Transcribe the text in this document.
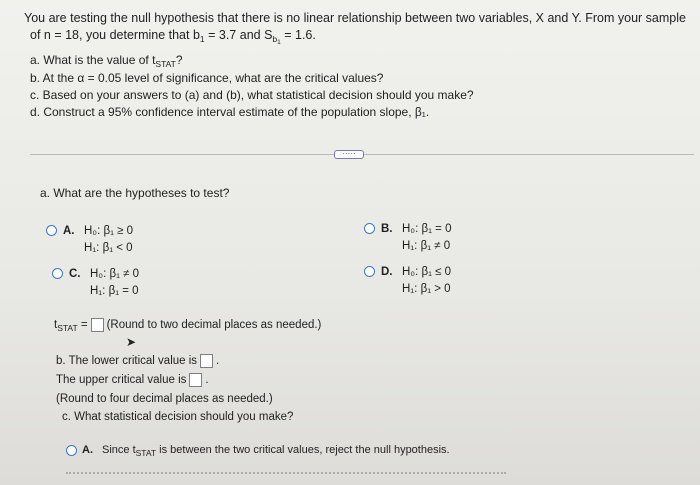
You are testing the null hypothesis that there is no linear relationship between two variables, X and Y. From your sample
of n = 18, you determine that $b_1 = 3.7$ and $S_{b_1} = 1.6$.
a. What is the value of $t_{STAT}$?
b. At the α = 0.05 level of significance, what are the critical values?
c. Based on your answers to (a) and (b), what statistical decision should you make?
d. Construct a 95% confidence interval estimate of the population slope, β₁.
·····
a. What are the hypotheses to test?
A. H₀: β₁ ≥ 0
H₁: β₁ < 0
B. H₀: β₁ = 0
H₁: β₁ ≠ 0
C. H₀: β₁ ≠ 0
H₁: β₁ = 0
D. H₀: β₁ ≤ 0
H₁: β₁ > 0
$t_{STAT}$ = (Round to two decimal places as needed.)
➤
b. The lower critical value is .
The upper critical value is .
(Round to four decimal places as needed.)
c. What statistical decision should you make?
A. Since $t_{STAT}$ is between the two critical values, reject the null hypothesis.
